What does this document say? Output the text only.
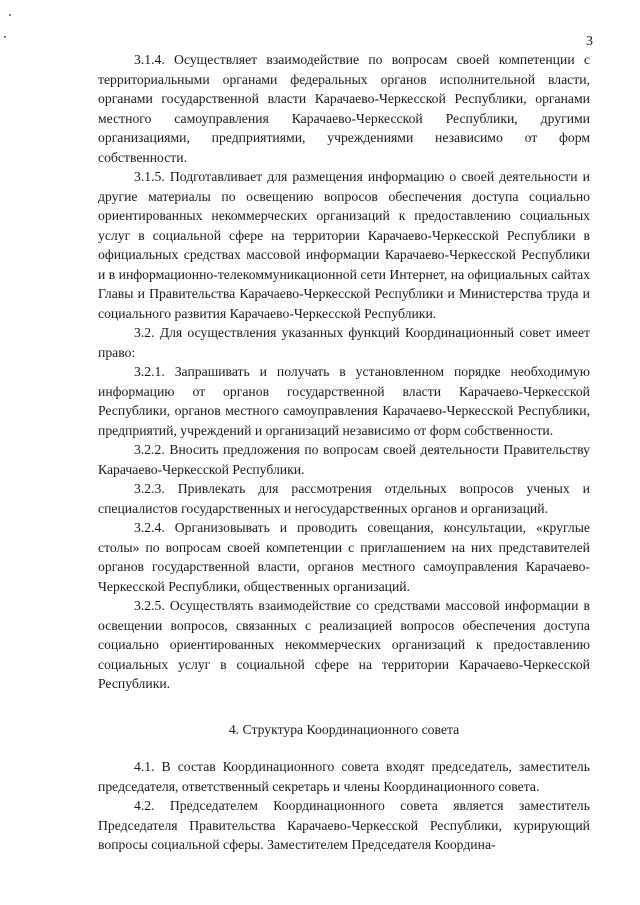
3

3.1.4. Осуществляет взаимодействие по вопросам своей компетенции с территориальными органами федеральных органов исполнительной власти, органами государственной власти Карачаево-Черкесской Республики, органами местного самоуправления Карачаево-Черкесской Республики, другими организациями, предприятиями, учреждениями независимо от форм собственности.

3.1.5. Подготавливает для размещения информацию о своей деятельности и другие материалы по освещению вопросов обеспечения доступа социально ориентированных некоммерческих организаций к предоставлению социальных услуг в социальной сфере на территории Карачаево-Черкесской Республики в официальных средствах массовой информации Карачаево-Черкесской Республики и в информационно-телекоммуникационной сети Интернет, на официальных сайтах Главы и Правительства Карачаево-Черкесской Республики и Министерства труда и социального развития Карачаево-Черкесской Республики.

3.2. Для осуществления указанных функций Координационный совет имеет право:

3.2.1. Запрашивать и получать в установленном порядке необходимую информацию от органов государственной власти Карачаево-Черкесской Республики, органов местного самоуправления Карачаево-Черкесской Республики, предприятий, учреждений и организаций независимо от форм собственности.

3.2.2. Вносить предложения по вопросам своей деятельности Правительству Карачаево-Черкесской Республики.

3.2.3. Привлекать для рассмотрения отдельных вопросов ученых и специалистов государственных и негосударственных органов и организаций.

3.2.4. Организовывать и проводить совещания, консультации, «круглые столы» по вопросам своей компетенции с приглашением на них представителей органов государственной власти, органов местного самоуправления Карачаево-Черкесской Республики, общественных организаций.

3.2.5. Осуществлять взаимодействие со средствами массовой информации в освещении вопросов, связанных с реализацией вопросов обеспечения доступа социально ориентированных некоммерческих организаций к предоставлению социальных услуг в социальной сфере на территории Карачаево-Черкесской Республики.

4. Структура Координационного совета

4.1. В состав Координационного совета входят председатель, заместитель председателя, ответственный секретарь и члены Координационного совета.

4.2. Председателем Координационного совета является заместитель Председателя Правительства Карачаево-Черкесской Республики, курирующий вопросы социальной сферы. Заместителем Председателя Координа-
